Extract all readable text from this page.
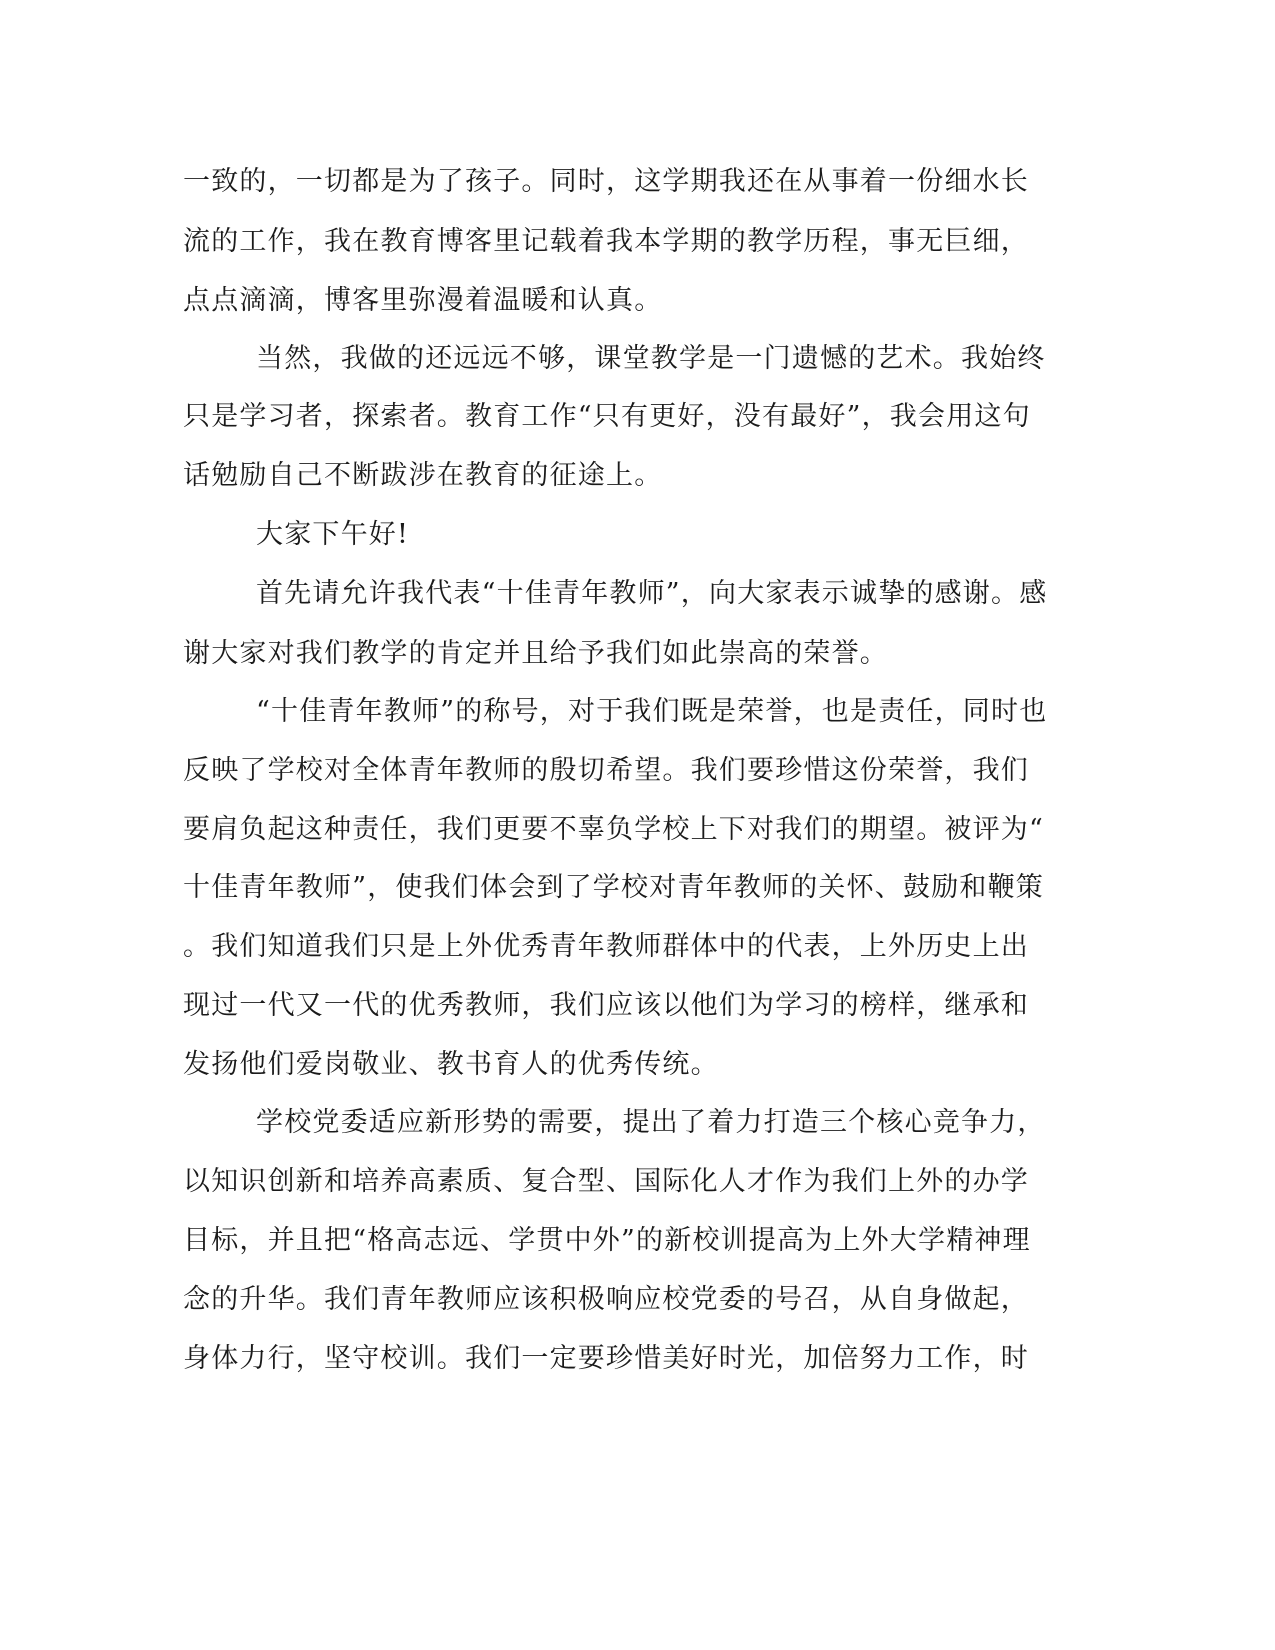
一致的，一切都是为了孩子。同时，这学期我还在从事着一份细水长
流的工作，我在教育博客里记载着我本学期的教学历程，事无巨细，
点点滴滴，博客里弥漫着温暖和认真。
当然，我做的还远远不够，课堂教学是一门遗憾的艺术。我始终
只是学习者，探索者。教育工作“只有更好，没有最好”，我会用这句
话勉励自己不断跋涉在教育的征途上。
大家下午好!
首先请允许我代表“十佳青年教师”，向大家表示诚挚的感谢。感
谢大家对我们教学的肯定并且给予我们如此崇高的荣誉。
“十佳青年教师”的称号，对于我们既是荣誉，也是责任，同时也
反映了学校对全体青年教师的殷切希望。我们要珍惜这份荣誉，我们
要肩负起这种责任，我们更要不辜负学校上下对我们的期望。被评为“
十佳青年教师”，使我们体会到了学校对青年教师的关怀、鼓励和鞭策
。我们知道我们只是上外优秀青年教师群体中的代表，上外历史上出
现过一代又一代的优秀教师，我们应该以他们为学习的榜样，继承和
发扬他们爱岗敬业、教书育人的优秀传统。
学校党委适应新形势的需要，提出了着力打造三个核心竞争力，
以知识创新和培养高素质、复合型、国际化人才作为我们上外的办学
目标，并且把“格高志远、学贯中外”的新校训提高为上外大学精神理
念的升华。我们青年教师应该积极响应校党委的号召，从自身做起，
身体力行，坚守校训。我们一定要珍惜美好时光，加倍努力工作，时
